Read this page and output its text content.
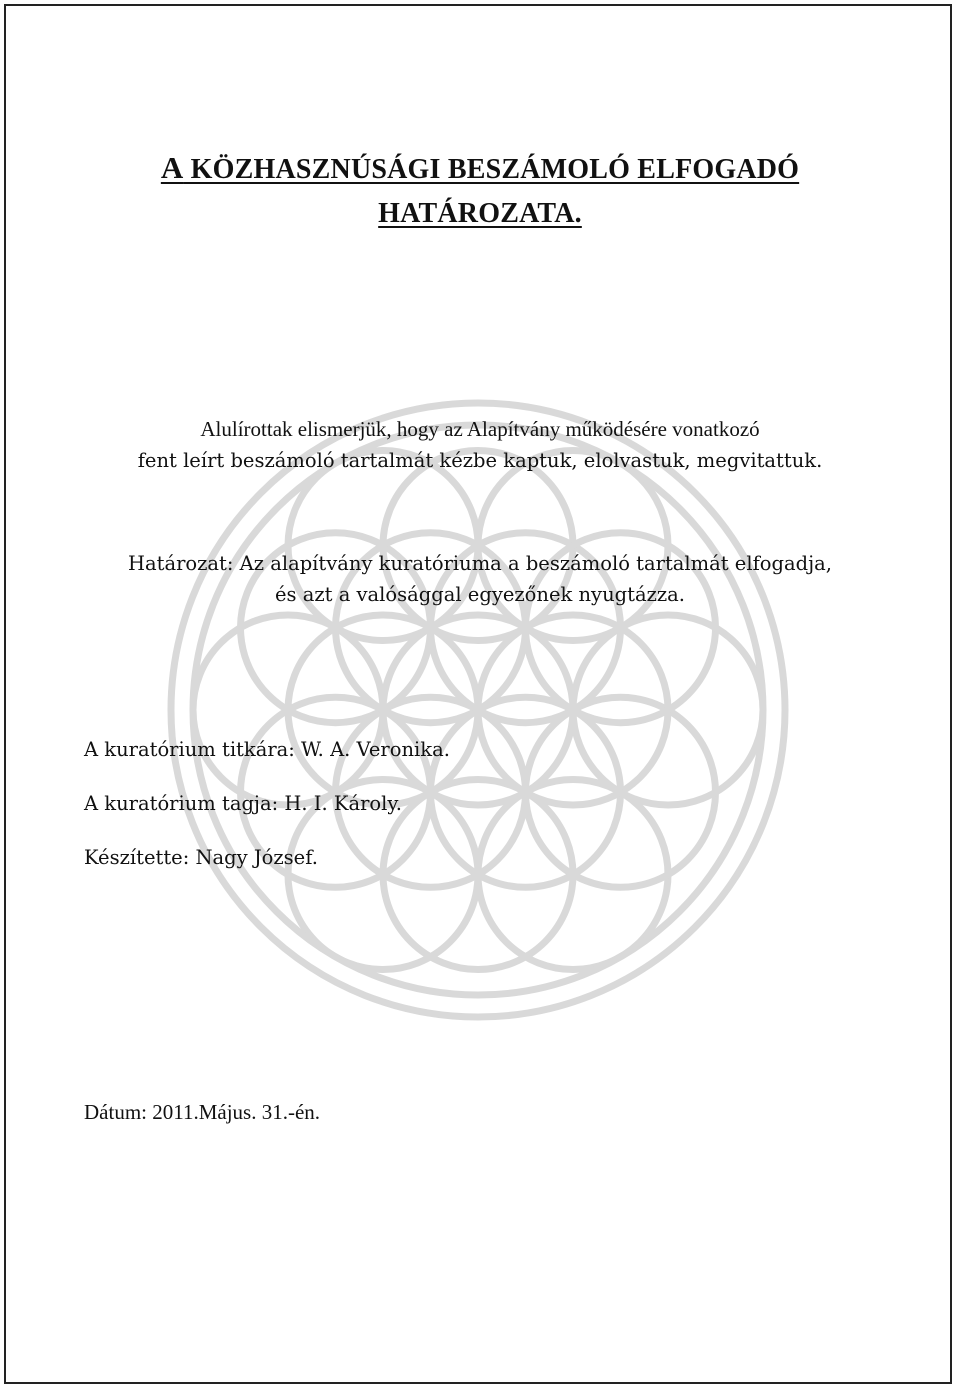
A KÖZHASZNÚSÁGI BESZÁMOLÓ ELFOGADÓ
HATÁROZATA.
Alulírottak elismerjük, hogy az Alapítvány működésére vonatkozó
fent leírt beszámoló tartalmát kézbe kaptuk, elolvastuk, megvitattuk.
Határozat: Az alapítvány kuratóriuma a beszámoló tartalmát elfogadja,
és azt a valósággal egyezőnek nyugtázza.

A kuratórium titkára: W. A. Veronika.

A kuratórium tagja: H. I. Károly.

Készítette: Nagy József.

Dátum: 2011.Május. 31.-én.
